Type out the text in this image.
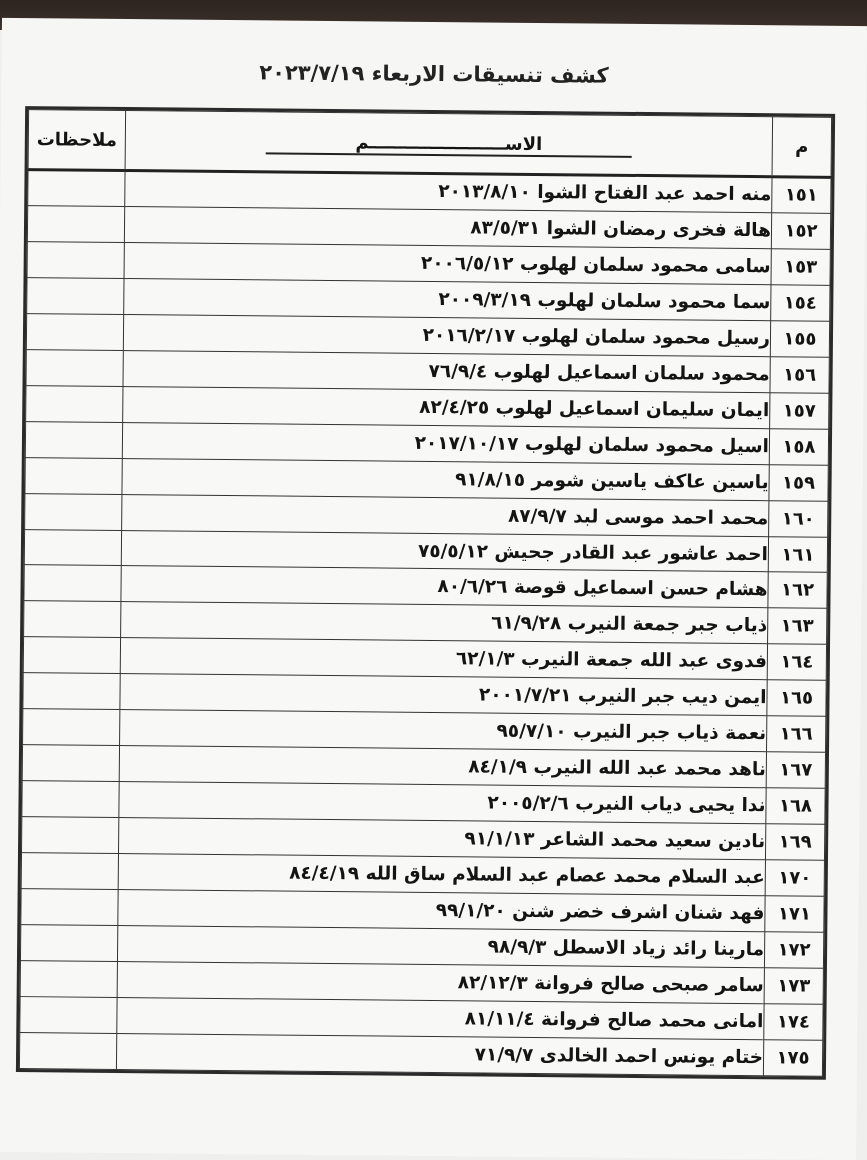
كشف تنسيقات الاربعاء ٢٠٢٣/٧/١٩
م	الاســــــــــــــــــــــم	ملاحظات
١٥١	منه احمد عبد الفتاح الشوا ٢٠١٣/٨/١٠	
١٥٢	هالة فخرى رمضان الشوا ٨٣/٥/٣١	
١٥٣	سامى محمود سلمان لهلوب ٢٠٠٦/٥/١٢	
١٥٤	سما محمود سلمان لهلوب ٢٠٠٩/٣/١٩	
١٥٥	رسيل محمود سلمان لهلوب ٢٠١٦/٢/١٧	
١٥٦	محمود سلمان اسماعيل لهلوب ٧٦/٩/٤	
١٥٧	ايمان سليمان اسماعيل لهلوب ٨٢/٤/٢٥	
١٥٨	اسيل محمود سلمان لهلوب ٢٠١٧/١٠/١٧	
١٥٩	ياسين عاكف ياسين شومر ٩١/٨/١٥	
١٦٠	محمد احمد موسى لبد ٨٧/٩/٧	
١٦١	احمد عاشور عبد القادر جحيش ٧٥/٥/١٢	
١٦٢	هشام حسن اسماعيل قوصة ٨٠/٦/٢٦	
١٦٣	ذياب جبر جمعة النيرب ٦١/٩/٢٨	
١٦٤	فدوى عبد الله جمعة النيرب ٦٢/١/٣	
١٦٥	ايمن ديب جبر النيرب ٢٠٠١/٧/٢١	
١٦٦	نعمة ذياب جبر النيرب ٩٥/٧/١٠	
١٦٧	ناهد محمد عبد الله النيرب ٨٤/١/٩	
١٦٨	ندا يحيى دياب النيرب ٢٠٠٥/٢/٦	
١٦٩	نادين سعيد محمد الشاعر ٩١/١/١٣	
١٧٠	عبد السلام محمد عصام عبد السلام ساق الله ٨٤/٤/١٩	
١٧١	فهد شنان اشرف خضر شنن ٩٩/١/٢٠	
١٧٢	مارينا رائد زياد الاسطل ٩٨/٩/٣	
١٧٣	سامر صبحى صالح فروانة ٨٢/١٢/٣	
١٧٤	امانى محمد صالح فروانة ٨١/١١/٤	
١٧٥	ختام يونس احمد الخالدى ٧١/٩/٧	
